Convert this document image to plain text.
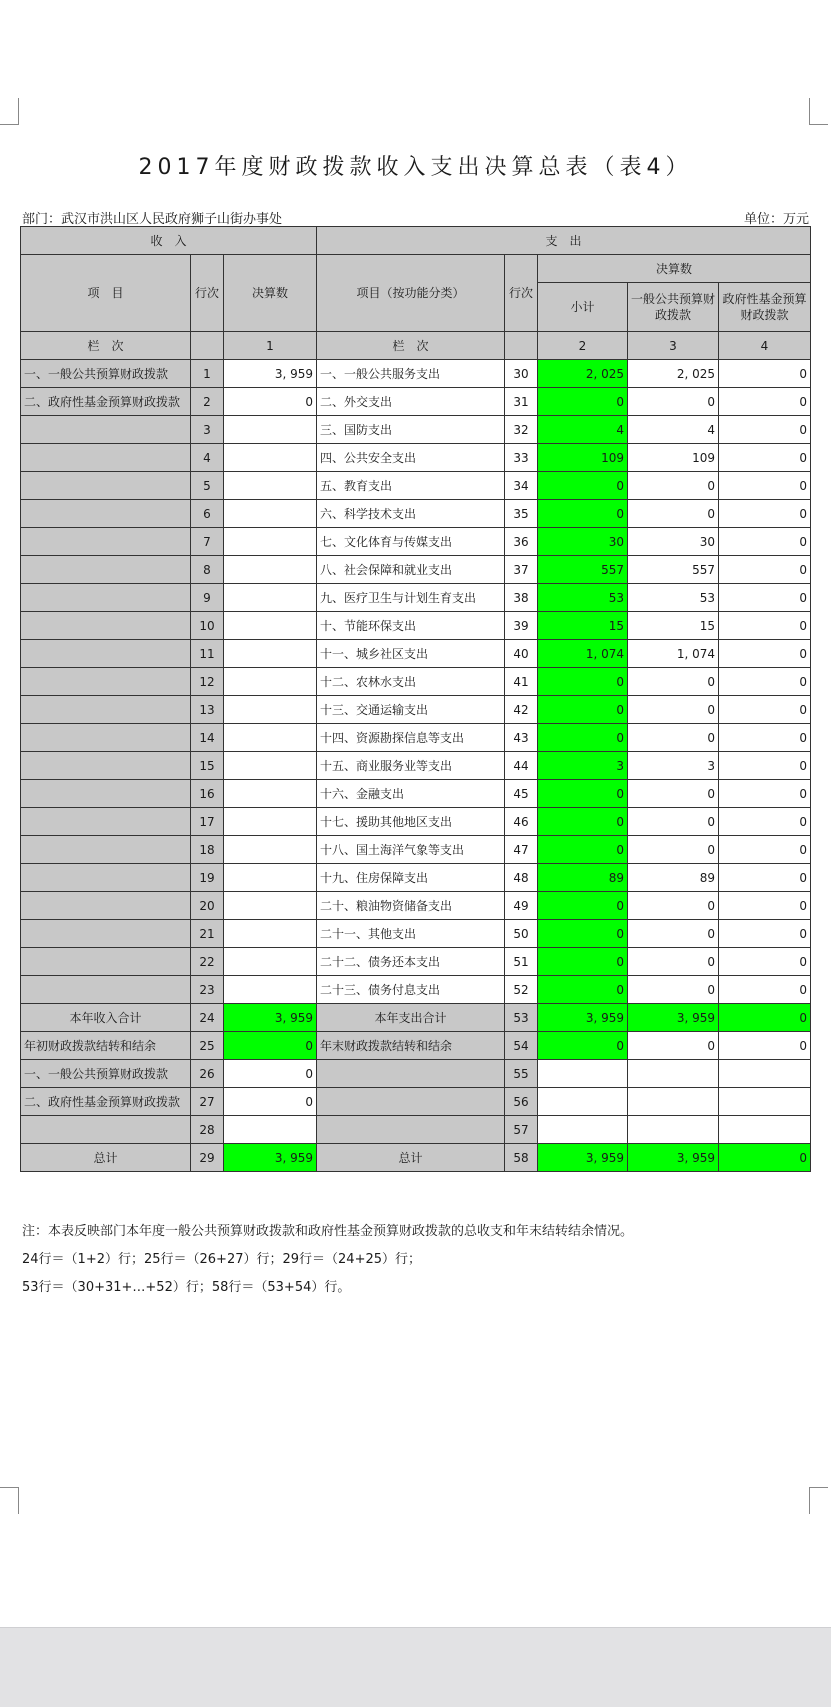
2017年度财政拨款收入支出决算总表（表4）
部门：武汉市洪山区人民政府狮子山街办事处	单位：万元
收　入			支　出				
项　目	行次	决算数	项目（按功能分类）	行次	决算数		
					小计	一般公共预算财政拨款	政府性基金预算财政拨款
栏　次		1	栏　次		2	3	4
一、一般公共预算财政拨款	1	3, 959	一、一般公共服务支出	30	2, 025	2, 025	0
二、政府性基金预算财政拨款	2	0	二、外交支出	31	0	0	0
	3		三、国防支出	32	4	4	0
	4		四、公共安全支出	33	109	109	0
	5		五、教育支出	34	0	0	0
	6		六、科学技术支出	35	0	0	0
	7		七、文化体育与传媒支出	36	30	30	0
	8		八、社会保障和就业支出	37	557	557	0
	9		九、医疗卫生与计划生育支出	38	53	53	0
	10		十、节能环保支出	39	15	15	0
	11		十一、城乡社区支出	40	1, 074	1, 074	0
	12		十二、农林水支出	41	0	0	0
	13		十三、交通运输支出	42	0	0	0
	14		十四、资源勘探信息等支出	43	0	0	0
	15		十五、商业服务业等支出	44	3	3	0
	16		十六、金融支出	45	0	0	0
	17		十七、援助其他地区支出	46	0	0	0
	18		十八、国土海洋气象等支出	47	0	0	0
	19		十九、住房保障支出	48	89	89	0
	20		二十、粮油物资储备支出	49	0	0	0
	21		二十一、其他支出	50	0	0	0
	22		二十二、债务还本支出	51	0	0	0
	23		二十三、债务付息支出	52	0	0	0
本年收入合计	24	3, 959	本年支出合计	53	3, 959	3, 959	0
年初财政拨款结转和结余	25	0	年末财政拨款结转和结余	54	0	0	0
一、一般公共预算财政拨款	26	0		55			
二、政府性基金预算财政拨款	27	0		56			
	28			57			
总计	29	3, 959	总计	58	3, 959	3, 959	0
注：本表反映部门本年度一般公共预算财政拨款和政府性基金预算财政拨款的总收支和年末结转结余情况。
24行＝（1+2）行；25行＝（26+27）行；29行＝（24+25）行；
53行＝（30+31+…+52）行；58行＝（53+54）行。
